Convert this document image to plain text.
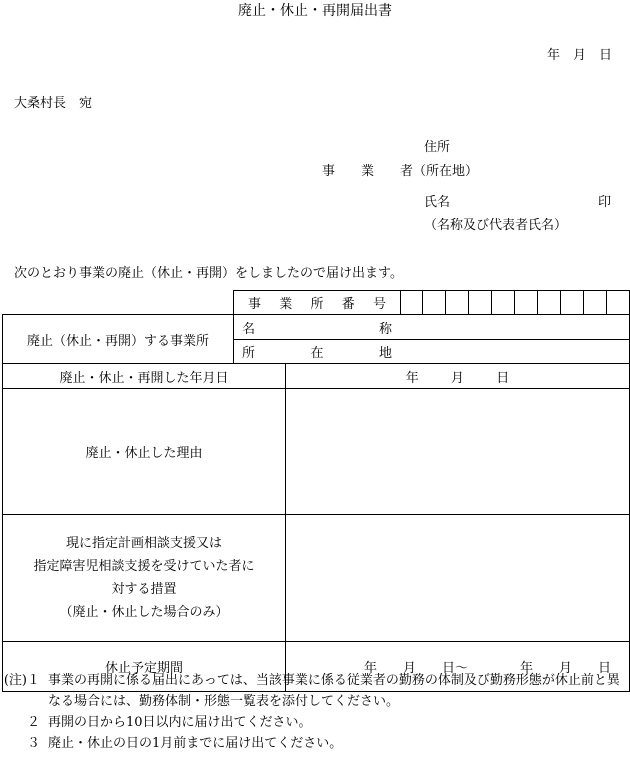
廃止・休止・再開届出書
年　月　日
大桑村長　宛
住所
事　　業　　者（所在地）
氏名	印
（名称及び代表者氏名）
次のとおり事業の廃止（休止・再開）をしましたので届け出ます。

	事 業 所 番 号											

廃止（休止・再開）する事業所	名 称											

	所 在 地											

廃止・休止・再開した年月日		年 月 日										

廃止・休止した理由												

現に指定計画相談支援又は
指定障害児相談支援を受けていた者に
対する措置
（廃止・休止した場合のみ）												

休止予定期間		年　　月　　日〜　　　　年　　月　　日										

(注)１ 事業の再開に係る届出にあっては、当該事業に係る従業者の勤務の体制及び勤務形態が休止前と異なる場合には、勤務体制・形態一覧表を添付してください。
２ 再開の日から10日以内に届け出てください。
３ 廃止・休止の日の1月前までに届け出てください。
